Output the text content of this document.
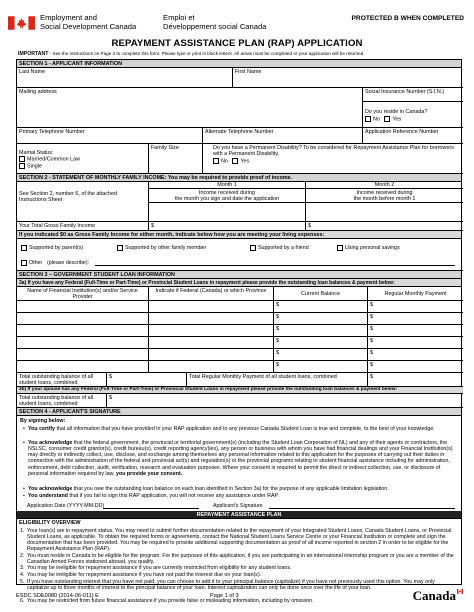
Employment and
Social Development Canada
Emploi et
Développement social Canada
PROTECTED B WHEN COMPLETED
REPAYMENT ASSISTANCE PLAN (RAP) APPLICATION
IMPORTANT - See the instructions on Page 3 to complete this form. Please type or print in block letters. All areas must be completed or your application will be returned.
SECTION 1 - APPLICANT INFORMATION
Last Name	First Name
Mailing address	Social Insurance Number (S.I.N.)
Do you reside in Canada?
No Yes
Primary Telephone Number	Alternate Telephone Number	Application Reference Number
Marital Status:
Married/Common Law
Single
Family Size	Do you have a Permanent Disability? To be considered for Repayment Assistance Plan for borrowers with a Permanent Disability.
No Yes
SECTION 2 - STATEMENT OF MONTHLY FAMILY INCOME: You may be required to provide proof of income.
See Section 2, number 6, of the attached Instructions Sheet
Month 1	Month 2
Income received during
the month you sign and date the application
Income received during
the month before month 1
Your Total Gross Family Income	$	$
If you indicated $0 as Gross Family Income for either month, indicate below how you are meeting your living expenses:
Supported by parent(s)	Supported by other family member	Supported by a friend	Using personal savings
Other (please describe):
SECTION 3 – GOVERNMENT STUDENT LOAN INFORMATION
3a) If you have any Federal (Full-Time or Part-Time) or Provincial Student Loans in repayment please provide the outstanding loan balances & payment below:
Name of Financial Institution(s) and/or Service Provider
Indicate if Federal (Canada) or which Province
Current Balance	Regular Monthly Payment
$	$
$	$
$	$
$	$
$	$
$	$
Total outstanding balance of all student loans, combined
$	Total Regular Monthly Payment of all student loans, combined	$
3b) If your spouse has any Federal (Full-Time or Part-Time) or Provincial Student Loans in repayment please provide the outstanding loan balances & payment below:
Total outstanding balance of all student loans, combined
$
SECTION 4 - APPLICANT'S SIGNATURE
By signing below:
• You certify that all information that you have provided in your RAP application and to any previous Canada Student Loan is true and complete, to the best of your knowledge.
• You acknowledge that the federal government, the provincial or territorial government(s) (including the Student Loan Corporation of NL) and any of their agents or contractors, the NSLSC, consumer credit grantor(s), credit bureau(s), credit reporting agency(ies), any person or business with whom you have had financial dealings and your Financial Institution(s) may directly or indirectly collect, use, disclose, and exchange among themselves any personal information related to this application for the purposes of carrying out their duties in connection with the administration of the federal and provincial act(s) and regulation(s) or the provincial programs relating to student financial assistance including for administration, enforcement, debt collection, audit, verification, research and evaluation purposes. Where your consent is required to permit the direct or indirect collection, use, or disclosure of personal information required by law, you provide your consent.
• You acknowledge that you owe the outstanding loan balance on each loan identified in Section 3a) for the purpose of any applicable limitation legislation.
• You understand that if you fail to sign this RAP application, you will not receive any assistance under RAP.
Application Date (YYYY-MM-DD)	Applicant's Signature
REPAYMENT ASSISTANCE PLAN
ELIGIBILITY OVERVIEW
1. Your loan(s) are in repayment status. You may need to submit further documentation related to the repayment of your Integrated Student Loans, Canada Student Loans, or Provincial Student Loans, as applicable. To obtain the required forms or agreements, contact the National Student Loans Service Centre or your Financial Institution or complete and sign the documentation that has been provided. You may be required to provide additional supporting documentation as proof of all income reported in section 2 in order to be eligible for the Repayment Assistance Plan (RAP).
2. You must reside in Canada to be eligible for the program. For the purposes of this application, if you are participating in an international internship program or you are a member of the Canadian Armed Forces stationed abroad, you qualify.
3. You may be ineligible for repayment assistance if you are currently restricted from eligibility for any student loans.
4. You may be ineligible for repayment assistance if you have not paid the interest due on your loan(s).
5. If you have outstanding interest that you have not paid, you can choose to add it to your principal balance (capitalize) if you have not previously used this option. You may only capitalize up to three months of interest to the principal balance of your loan. Interest capitalization can only be done once over the life of your loan.
6. You may be restricted from future financial assistance if you provide false or misleading information, including by omission.
ESDC SDE0080 (2014-06-011) E	Page 1 of 3	Canada
